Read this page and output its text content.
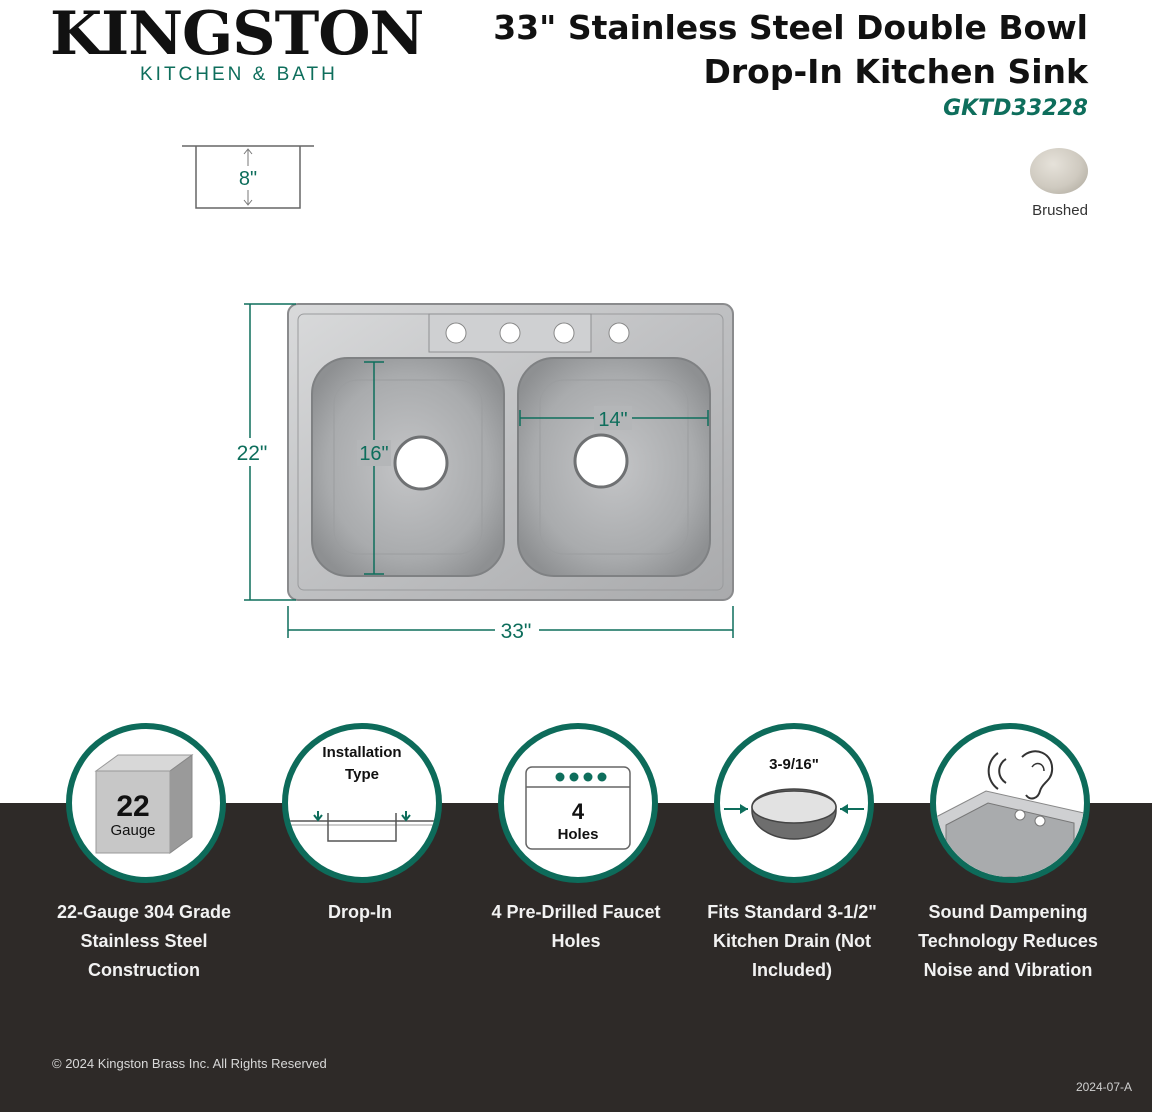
KINGSTON
KITCHEN & BATH
33" Stainless Steel Double Bowl
Drop-In Kitchen Sink
GKTD33228
Brushed
8"
22"
33"
16"
14"
22
Gauge
22-Gauge 304 Grade Stainless Steel Construction
Installation
Type
Drop-In
4
Holes
4 Pre-Drilled Faucet Holes
3-9/16"
Fits Standard 3-1/2" Kitchen Drain (Not Included)
Sound Dampening Technology Reduces Noise and Vibration
© 2024 Kingston Brass Inc. All Rights Reserved
2024-07-A
